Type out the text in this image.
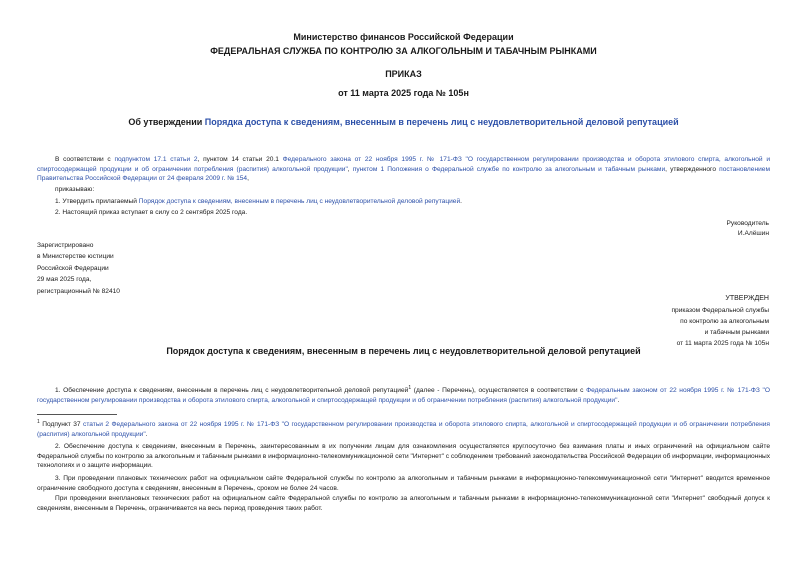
Министерство финансов Российской Федерации
ФЕДЕРАЛЬНАЯ СЛУЖБА ПО КОНТРОЛЮ ЗА АЛКОГОЛЬНЫМ И ТАБАЧНЫМ РЫНКАМИ
ПРИКАЗ
от 11 марта 2025 года № 105н
Об утверждении Порядка доступа к сведениям, внесенным в перечень лиц с неудовлетворительной деловой репутацией
В соответствии с подпунктом 17.1 статьи 2, пунктом 14 статьи 20.1 Федерального закона от 22 ноября 1995 г. № 171-ФЗ "О государственном регулировании производства и оборота этилового спирта, алкогольной и спиртосодержащей продукции и об ограничении потребления (распития) алкогольной продукции", пунктом 1 Положения о Федеральной службе по контролю за алкогольным и табачным рынками, утвержденного постановлением Правительства Российской Федерации от 24 февраля 2009 г. № 154,
приказываю:
1. Утвердить прилагаемый Порядок доступа к сведениям, внесенным в перечень лиц с неудовлетворительной деловой репутацией.
2. Настоящий приказ вступает в силу со 2 сентября 2025 года.
Руководитель
И.Алёшин
Зарегистрировано
в Министерстве юстиции
Российской Федерации
29 мая 2025 года,
регистрационный № 82410
УТВЕРЖДЕН
приказом Федеральной службы
по контролю за алкогольным
и табачным рынками
от 11 марта 2025 года № 105н
Порядок доступа к сведениям, внесенным в перечень лиц с неудовлетворительной деловой репутацией
1. Обеспечение доступа к сведениям, внесенным в перечень лиц с неудовлетворительной деловой репутацией$^1$ (далее - Перечень), осуществляется в соответствии с Федеральным законом от 22 ноября 1995 г. № 171-ФЗ "О государственном регулировании производства и оборота этилового спирта, алкогольной и спиртосодержащей продукции и об ограничении потребления (распития) алкогольной продукции".
$^1$ Подпункт 37 статьи 2 Федерального закона от 22 ноября 1995 г. № 171-ФЗ "О государственном регулировании производства и оборота этилового спирта, алкогольной и спиртосодержащей продукции и об ограничении потребления (распития) алкогольной продукции".
2. Обеспечение доступа к сведениям, внесенным в Перечень, заинтересованным в их получении лицам для ознакомления осуществляется круглосуточно без взимания платы и иных ограничений на официальном сайте Федеральной службы по контролю за алкогольным и табачным рынками в информационно-телекоммуникационной сети "Интернет" с соблюдением требований законодательства Российской Федерации об информации, информационных технологиях и о защите информации.
3. При проведении плановых технических работ на официальном сайте Федеральной службы по контролю за алкогольным и табачным рынками в информационно-телекоммуникационной сети "Интернет" вводится временное ограничение свободного доступа к сведениям, внесенным в Перечень, сроком не более 24 часов.
При проведении внеплановых технических работ на официальном сайте Федеральной службы по контролю за алкогольным и табачным рынками в информационно-телекоммуникационной сети "Интернет" свободный допуск к сведениям, внесенным в Перечень, ограничивается на весь период проведения таких работ.
